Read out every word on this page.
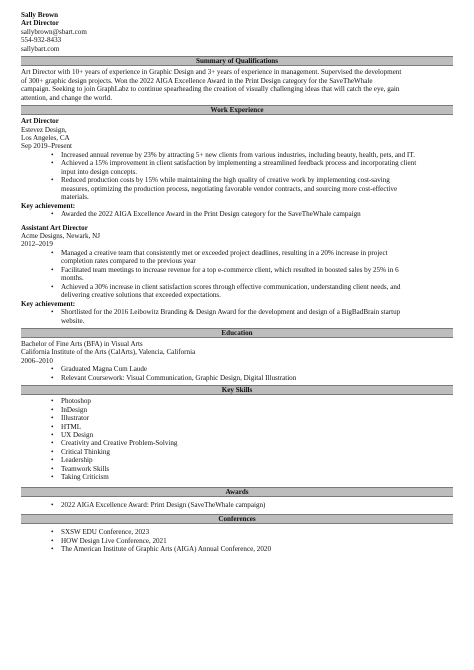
Sally Brown
Art Director
sallybrown@sbart.com
554-932-8433
sallybart.com
Summary of Qualifications
Art Director with 10+ years of experience in Graphic Design and 3+ years of experience in management. Supervised the development
of 300+ graphic design projects. Won the 2022 AIGA Excellence Award in the Print Design category for the SaveTheWhale
campaign. Seeking to join GraphLabz to continue spearheading the creation of visually challenging ideas that will catch the eye, gain
attention, and change the world.
Work Experience
Art Director
Estevez Design,
Los Angeles, CA
Sep 2019–Present
• Increased annual revenue by 23% by attracting 5+ new clients from various industries, including beauty, health, pets, and IT.
• Achieved a 15% improvement in client satisfaction by implementing a streamlined feedback process and incorporating client
input into design concepts.
• Reduced production costs by 15% while maintaining the high quality of creative work by implementing cost-saving
measures, optimizing the production process, negotiating favorable vendor contracts, and sourcing more cost-effective
materials.
Key achievement:
• Awarded the 2022 AIGA Excellence Award in the Print Design category for the SaveTheWhale campaign
Assistant Art Director
Acme Designs, Newark, NJ
2012–2019
• Managed a creative team that consistently met or exceeded project deadlines, resulting in a 20% increase in project
completion rates compared to the previous year
• Facilitated team meetings to increase revenue for a top e-commerce client, which resulted in boosted sales by 25% in 6
months.
• Achieved a 30% increase in client satisfaction scores through effective communication, understanding client needs, and
delivering creative solutions that exceeded expectations.
Key achievement:
• Shortlisted for the 2016 Leibowitz Branding & Design Award for the development and design of a BigBadBrain startup
website.
Education
Bachelor of Fine Arts (BFA) in Visual Arts
California Institute of the Arts (CalArts), Valencia, California
2006–2010
• Graduated Magna Cum Laude
• Relevant Coursework: Visual Communication, Graphic Design, Digital Illustration
Key Skills
• Photoshop
• InDesign
• Illustrator
• HTML
• UX Design
• Creativity and Creative Problem-Solving
• Critical Thinking
• Leadership
• Teamwork Skills
• Taking Criticism
Awards
• 2022 AIGA Excellence Award: Print Design (SaveTheWhale campaign)
Conferences
• SXSW EDU Conference, 2023
• HOW Design Live Conference, 2021
• The American Institute of Graphic Arts (AIGA) Annual Conference, 2020
